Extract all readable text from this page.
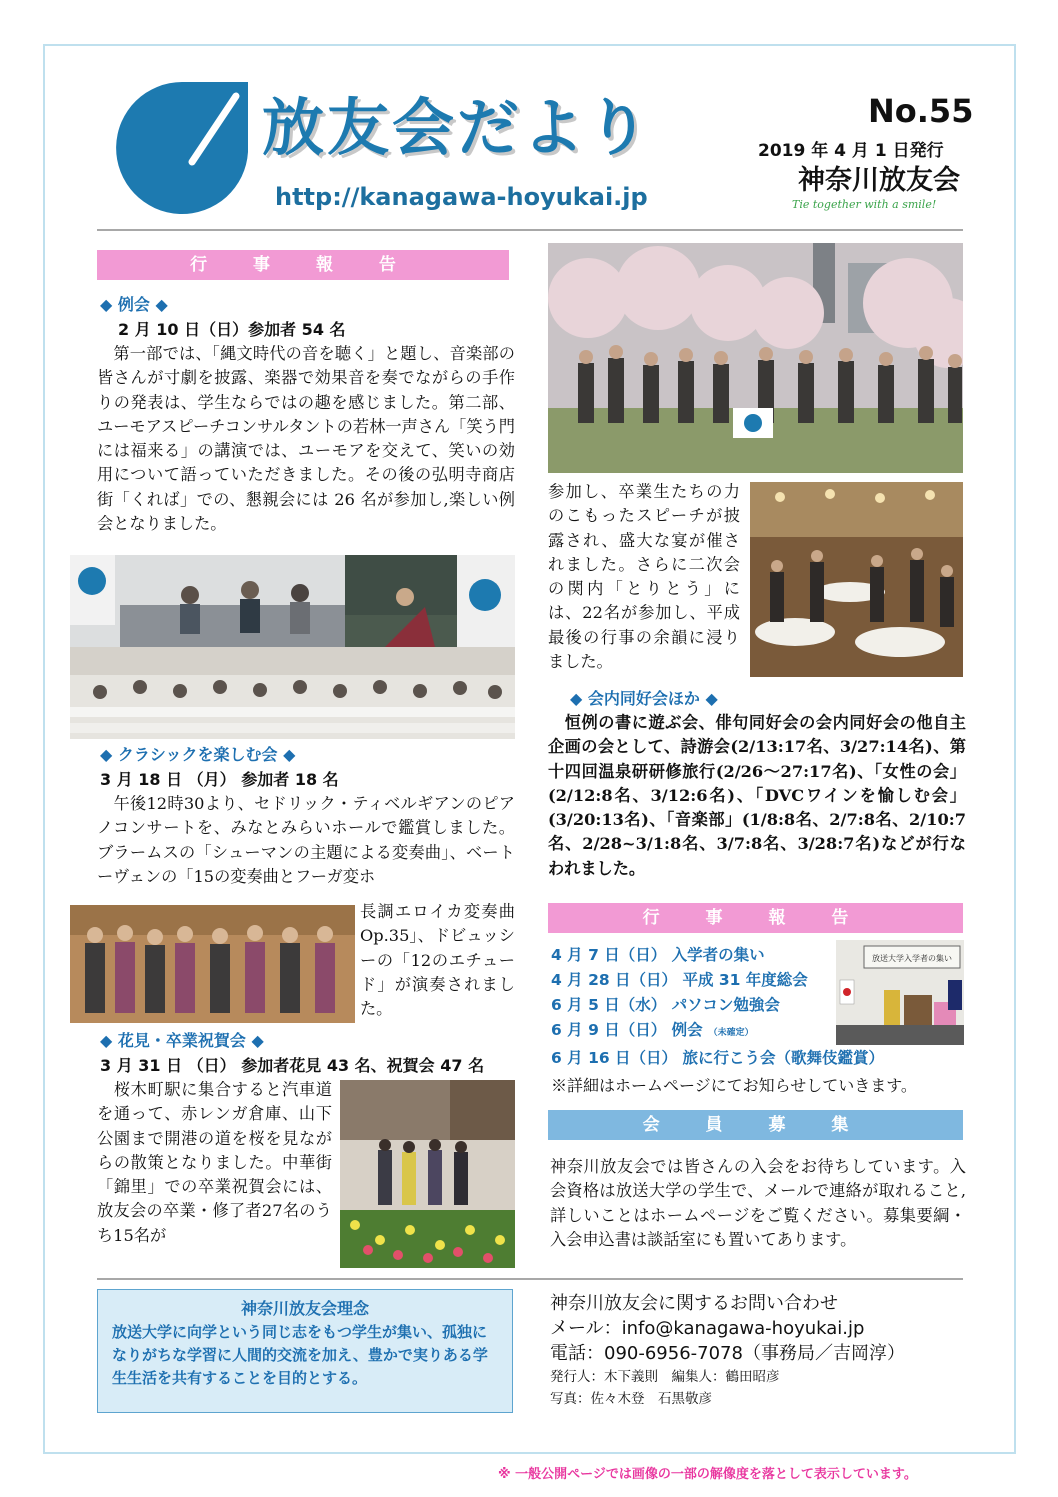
放友会だより
http://kanagawa-hoyukai.jp
No.55
2019 年 4 月 1 日発行
神奈川放友会
Tie together with a smile!
行 事 報 告
◆ 例会 ◆
2 月 10 日（日）参加者 54 名

　第一部では、「縄文時代の音を聴く」と題し、音楽部の皆さんが寸劇を披露、楽器で効果音を奏でながらの手作りの発表は、学生ならではの趣を感じました。第二部、ユーモアスピーチコンサルタントの若林一声さん「笑う門には福来る」の講演では、ユーモアを交えて、笑いの効用について語っていただきました。その後の弘明寺商店街「くれば」での、懇親会には 26 名が参加し,楽しい例会となりました。

◆ クラシックを楽しむ会 ◆
3 月 18 日 （月） 参加者 18 名

　午後12時30より、セドリック・ティベルギアンのピアノコンサートを、みなとみらいホールで鑑賞しました。ブラームスの「シューマンの主題による変奏曲」、ベートーヴェンの「15の変奏曲とフーガ変ホ

長調エロイカ変奏曲Op.35」、ドビュッシーの「12のエチュード」が演奏されました。

◆ 花見・卒業祝賀会 ◆
3 月 31 日 （日） 参加者花見 43 名、祝賀会 47 名

　桜木町駅に集合すると汽車道を通って、赤レンガ倉庫、山下公園まで開港の道を桜を見ながらの散策となりました。中華街「錦里」での卒業祝賀会には、放友会の卒業・修了者27名のうち15名が

参加し、卒業生たちの力のこもったスピーチが披露され、盛大な宴が催されました。さらに二次会の関内「とりとう」には、22名が参加し、平成最後の行事の余韻に浸りました。

◆ 会内同好会ほか ◆

　恒例の書に遊ぶ会、俳句同好会の会内同好会の他自主企画の会として、詩游会(2/13:17名、3/27:14名)、第十四回温泉研研修旅行(2/26～27:17名)、「女性の会」(2/12:8名、3/12:6名)、「DVCワインを愉しむ会」(3/20:13名)、「音楽部」(1/8:8名、2/7:8名、2/10:7名、2/28~3/1:8名、3/7:8名、3/28:7名)などが行なわれました。

行 事 報 告
4 月 7 日（日） 入学者の集い
4 月 28 日（日） 平成 31 年度総会
6 月 5 日（水） パソコン勉強会
6 月 9 日（日） 例会 （未確定）
6 月 16 日（日） 旅に行こう会（歌舞伎鑑賞）
※詳細はホームページにてお知らせしていきます。
放送大学入学者の集い
会 員 募 集

神奈川放友会では皆さんの入会をお待ちしています。入会資格は放送大学の学生で、メールで連絡が取れること,詳しいことはホームページをご覧ください。募集要綱・入会申込書は談話室にも置いてあります。

神奈川放友会理念
放送大学に向学という同じ志をもつ学生が集い、孤独になりがちな学習に人間的交流を加え、豊かで実りある学生生活を共有することを目的とする。
神奈川放友会に関するお問い合わせ
メール：info@kanagawa-hoyukai.jp
電話：090-6956-7078（事務局／吉岡淳）
発行人：木下義則　編集人：鶴田昭彦
写真：佐々木登　石黒敬彦
※ 一般公開ページでは画像の一部の解像度を落として表示しています。
